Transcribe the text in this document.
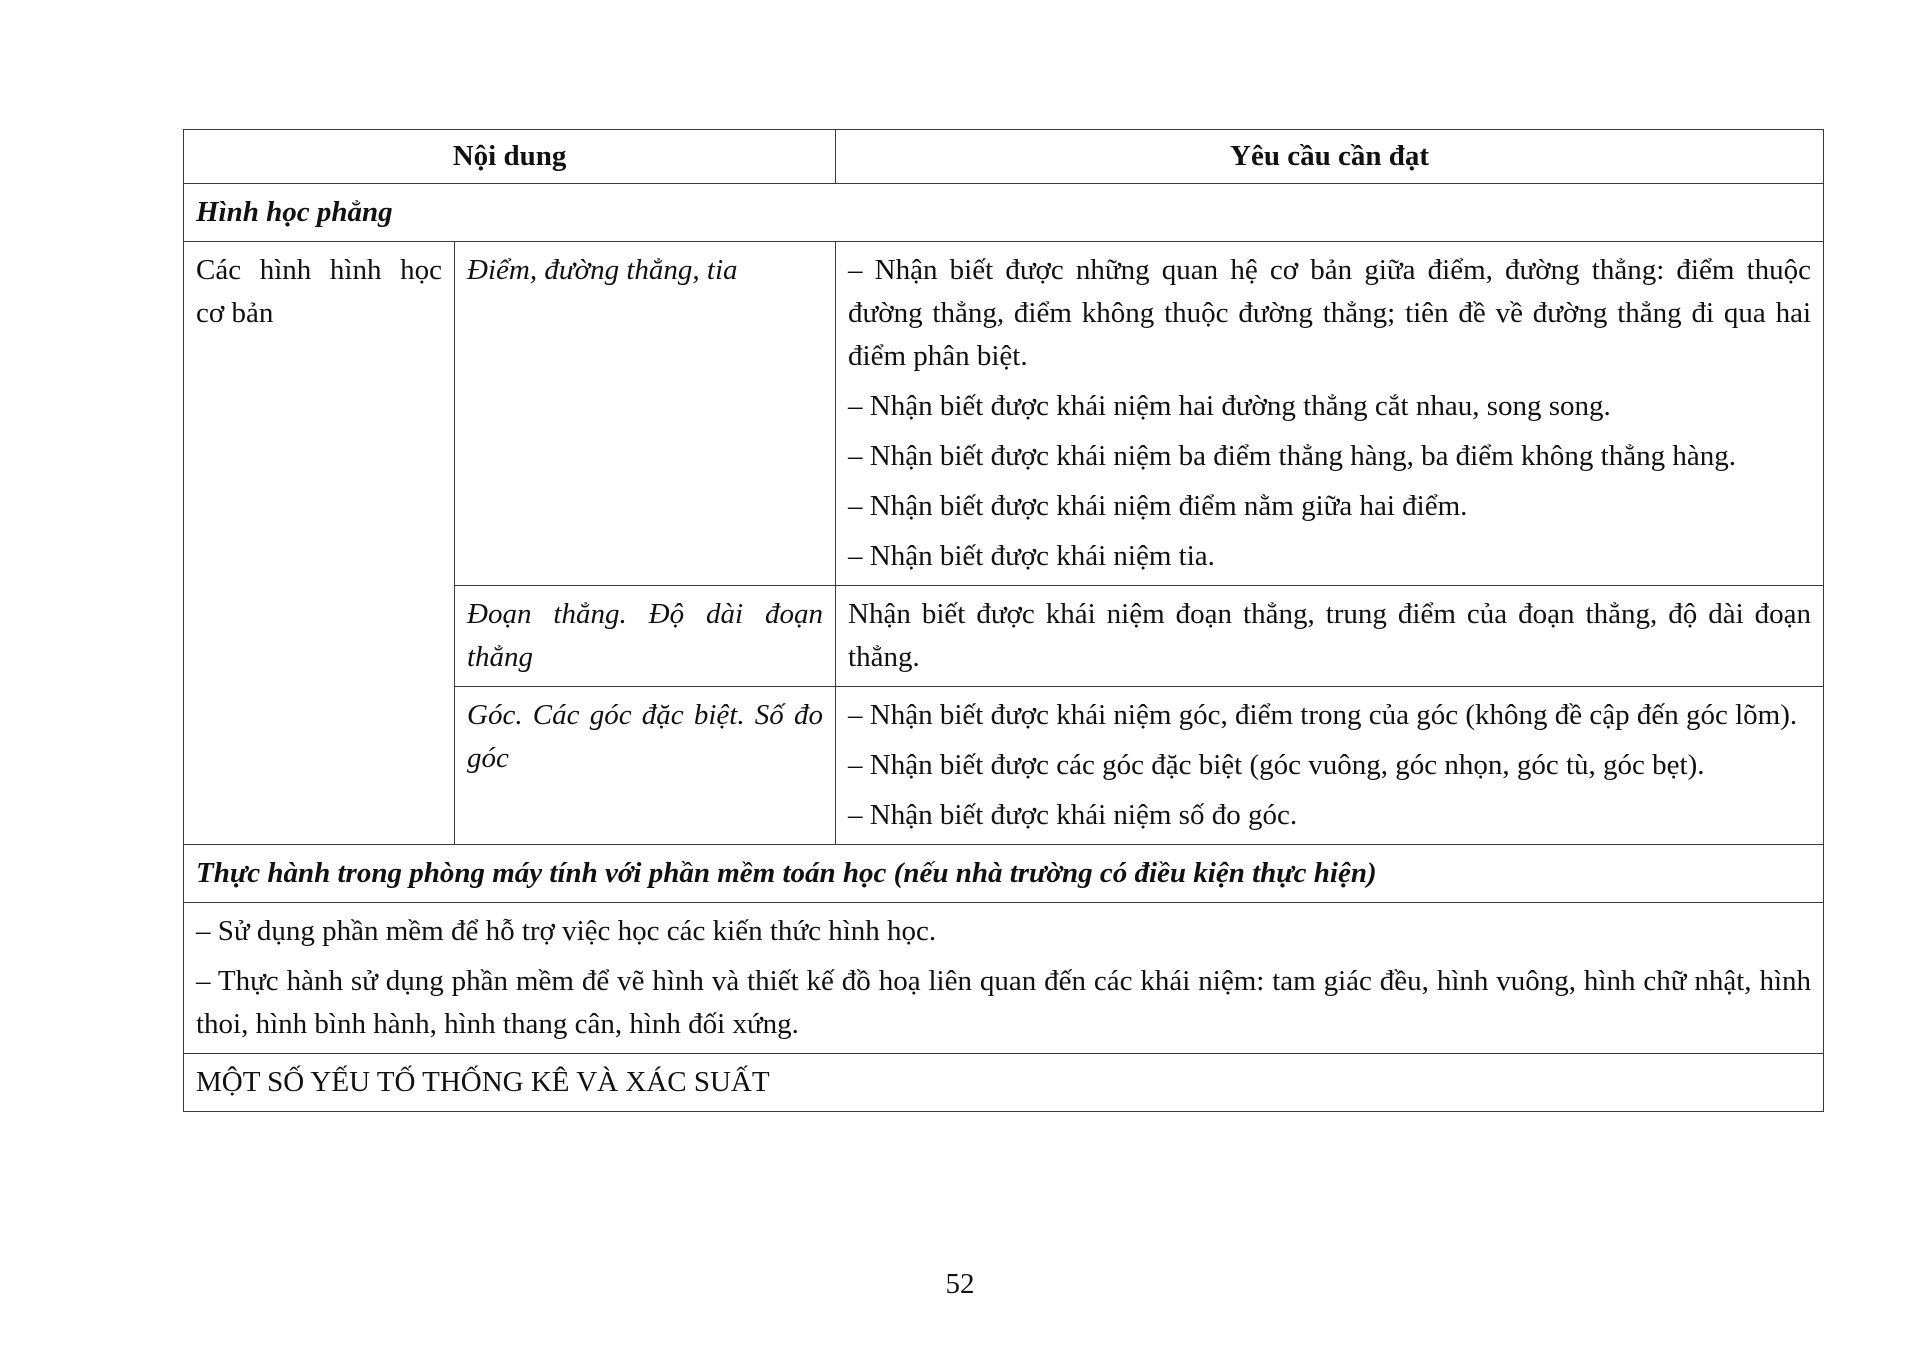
Nội dung		Yêu cầu cần đạt
Hình học phẳng		
Các hình hình học cơ bản	Điểm, đường thẳng, tia	– Nhận biết được những quan hệ cơ bản giữa điểm, đường thẳng: điểm thuộc đường thẳng, điểm không thuộc đường thẳng; tiên đề về đường thẳng đi qua hai điểm phân biệt.

– Nhận biết được khái niệm hai đường thẳng cắt nhau, song song.

– Nhận biết được khái niệm ba điểm thẳng hàng, ba điểm không thẳng hàng.

– Nhận biết được khái niệm điểm nằm giữa hai điểm.

– Nhận biết được khái niệm tia.

	Đoạn thẳng. Độ dài đoạn thẳng	Nhận biết được khái niệm đoạn thẳng, trung điểm của đoạn thẳng, độ dài đoạn thẳng.

	Góc. Các góc đặc biệt. Số đo góc	– Nhận biết được khái niệm góc, điểm trong của góc (không đề cập đến góc lõm).

– Nhận biết được các góc đặc biệt (góc vuông, góc nhọn, góc tù, góc bẹt).

– Nhận biết được khái niệm số đo góc.

Thực hành trong phòng máy tính với phần mềm toán học (nếu nhà trường có điều kiện thực hiện)		

– Sử dụng phần mềm để hỗ trợ việc học các kiến thức hình học.

– Thực hành sử dụng phần mềm để vẽ hình và thiết kế đồ hoạ liên quan đến các khái niệm: tam giác đều, hình vuông, hình chữ nhật, hình thoi, hình bình hành, hình thang cân, hình đối xứng.		

MỘT SỐ YẾU TỐ THỐNG KÊ VÀ XÁC SUẤT		
52
